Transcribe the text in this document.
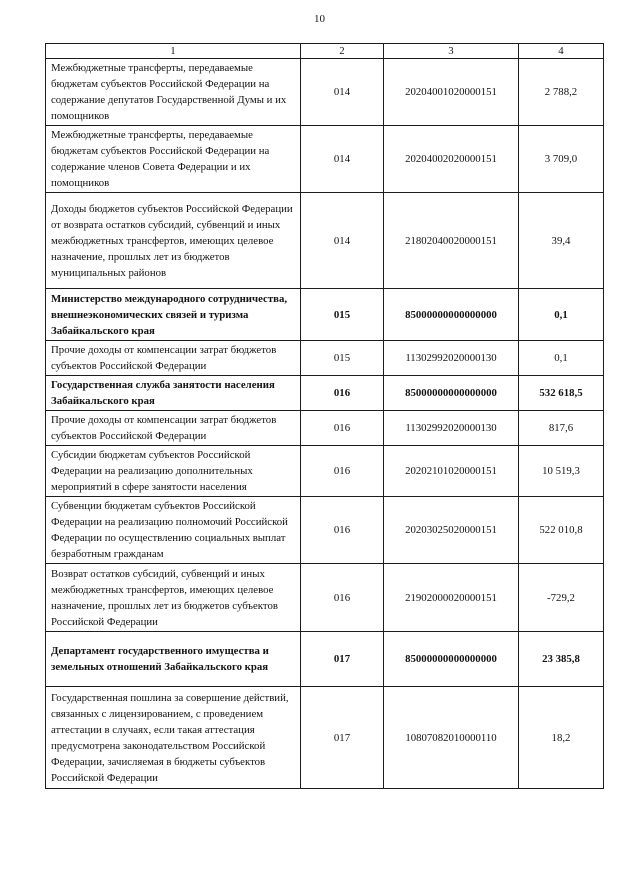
10
1	2	3	4
Межбюджетные трансферты, передаваемые бюджетам субъектов Российской Федерации на содержание депутатов Государственной Думы и их помощников	014	20204001020000151	2 788,2
Межбюджетные трансферты, передаваемые бюджетам субъектов Российской Федерации на содержание членов Совета Федерации и их помощников	014	20204002020000151	3 709,0
Доходы бюджетов субъектов Российской Федерации от возврата остатков субсидий, субвенций и иных межбюджетных трансфертов, имеющих целевое назначение, прошлых лет из бюджетов муниципальных районов	014	21802040020000151	39,4
Министерство международного сотрудничества, внешнеэкономических связей и туризма Забайкальского края	015	85000000000000000	0,1
Прочие доходы от компенсации затрат бюджетов субъектов Российской Федерации	015	11302992020000130	0,1
Государственная служба занятости населения Забайкальского края	016	85000000000000000	532 618,5
Прочие доходы от компенсации затрат бюджетов субъектов Российской Федерации	016	11302992020000130	817,6
Субсидии бюджетам субъектов Российской Федерации на реализацию дополнительных мероприятий в сфере занятости населения	016	20202101020000151	10 519,3
Субвенции бюджетам субъектов Российской Федерации на реализацию полномочий Российской Федерации по осуществлению социальных выплат безработным гражданам	016	20203025020000151	522 010,8
Возврат остатков субсидий, субвенций и иных межбюджетных трансфертов, имеющих целевое назначение, прошлых лет из бюджетов субъектов Российской Федерации	016	21902000020000151	-729,2
Департамент государственного имущества и земельных отношений Забайкальского края	017	85000000000000000	23 385,8
Государственная пошлина за совершение действий, связанных с лицензированием, с проведением аттестации в случаях, если такая аттестация предусмотрена законодательством Российской Федерации, зачисляемая в бюджеты субъектов Российской Федерации	017	10807082010000110	18,2
